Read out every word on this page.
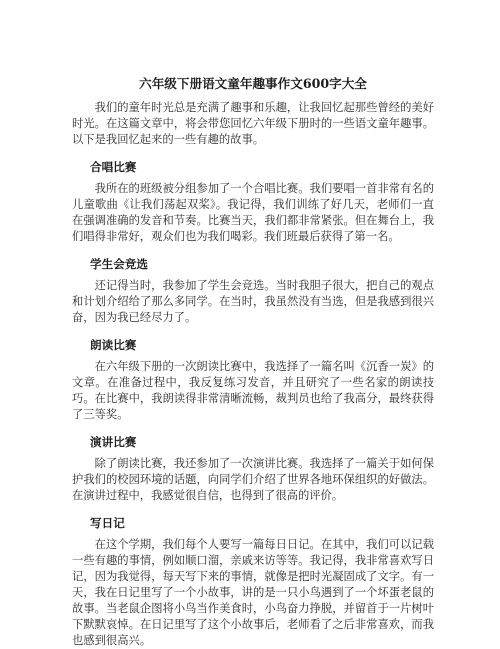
六年级下册语文童年趣事作文600字大全

我们的童年时光总是充满了趣事和乐趣，让我回忆起那些曾经的美好时光。在这篇文章中，将会带您回忆六年级下册时的一些语文童年趣事。以下是我回忆起来的一些有趣的故事。

合唱比赛

我所在的班级被分组参加了一个合唱比赛。我们要唱一首非常有名的儿童歌曲《让我们荡起双桨》。我记得，我们训练了好几天，老师们一直在强调准确的发音和节奏。比赛当天，我们都非常紧张。但在舞台上，我们唱得非常好，观众们也为我们喝彩。我们班最后获得了第一名。

学生会竞选

还记得当时，我参加了学生会竞选。当时我胆子很大，把自己的观点和计划介绍给了那么多同学。在当时，我虽然没有当选，但是我感到很兴奋，因为我已经尽力了。

朗读比赛

在六年级下册的一次朗读比赛中，我选择了一篇名叫《沉香一炭》的文章。在准备过程中，我反复练习发音，并且研究了一些名家的朗读技巧。在比赛中，我朗读得非常清晰流畅，裁判员也给了我高分，最终获得了三等奖。

演讲比赛

除了朗读比赛，我还参加了一次演讲比赛。我选择了一篇关于如何保护我们的校园环境的话题，向同学们介绍了世界各地环保组织的好做法。在演讲过程中，我感觉很自信，也得到了很高的评价。

写日记

在这个学期，我们每个人要写一篇每日日记。在其中，我们可以记载一些有趣的事情，例如顺口溜，亲戚来访等等。我记得，我非常喜欢写日记，因为我觉得，每天写下来的事情，就像是把时光凝固成了文字。有一天，我在日记里写了一个小故事，讲的是一只小鸟遇到了一个坏蛋老鼠的故事。当老鼠企图将小鸟当作美食时，小鸟奋力挣脱，并留首于一片树叶下默默哀悼。在日记里写了这个小故事后，老师看了之后非常喜欢，而我也感到很高兴。
